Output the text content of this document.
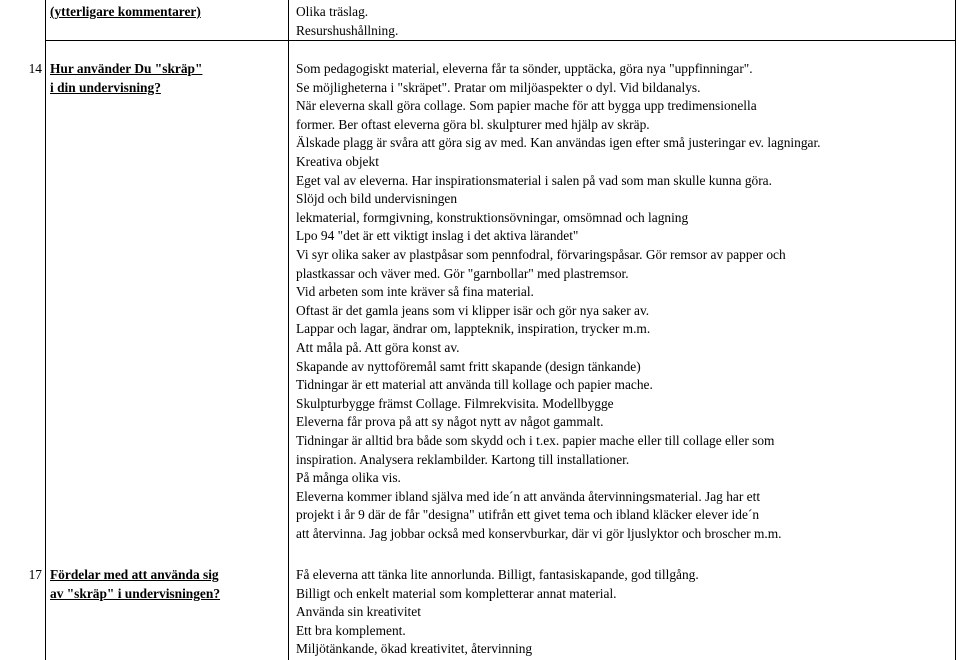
(ytterligare kommentarer)	Olika träslag.
Resurshushållning.
14 Hur använder Du "skräp"
i din undervisning?
Som pedagogiskt material, eleverna får ta sönder, upptäcka, göra nya "uppfinningar".
Se möjligheterna i "skräpet". Pratar om miljöaspekter o dyl. Vid bildanalys.
När eleverna skall göra collage. Som papier mache för att bygga upp tredimensionella
former. Ber oftast eleverna göra bl. skulpturer med hjälp av skräp.
Älskade plagg är svåra att göra sig av med. Kan användas igen efter små justeringar ev. lagningar.
Kreativa objekt
Eget val av eleverna. Har inspirationsmaterial i salen på vad som man skulle kunna göra.
Slöjd och bild undervisningen
lekmaterial, formgivning, konstruktionsövningar, omsömnad och lagning
Lpo 94 "det är ett viktigt inslag i det aktiva lärandet"
Vi syr olika saker av plastpåsar som pennfodral, förvaringspåsar. Gör remsor av papper och
plastkassar och väver med. Gör "garnbollar" med plastremsor.
Vid arbeten som inte kräver så fina material.
Oftast är det gamla jeans som vi klipper isär och gör nya saker av.
Lappar och lagar, ändrar om, lappteknik, inspiration, trycker m.m.
Att måla på. Att göra konst av.
Skapande av nyttoföremål samt fritt skapande (design tänkande)
Tidningar är ett material att använda till kollage och papier mache.
Skulpturbygge främst Collage. Filmrekvisita. Modellbygge
Eleverna får prova på att sy något nytt av något gammalt.
Tidningar är alltid bra både som skydd och i t.ex. papier mache eller till collage eller som
inspiration. Analysera reklambilder. Kartong till installationer.
På många olika vis.
Eleverna kommer ibland själva med ide´n att använda återvinningsmaterial. Jag har ett
projekt i år 9 där de får "designa" utifrån ett givet tema och ibland kläcker elever ide´n
att återvinna. Jag jobbar också med konservburkar, där vi gör ljuslyktor och broscher m.m.
17 Fördelar med att använda sig
av "skräp" i undervisningen?
Få eleverna att tänka lite annorlunda. Billigt, fantasiskapande, god tillgång.
Billigt och enkelt material som kompletterar annat material.
Använda sin kreativitet
Ett bra komplement.
Miljötänkande, ökad kreativitet, återvinning
